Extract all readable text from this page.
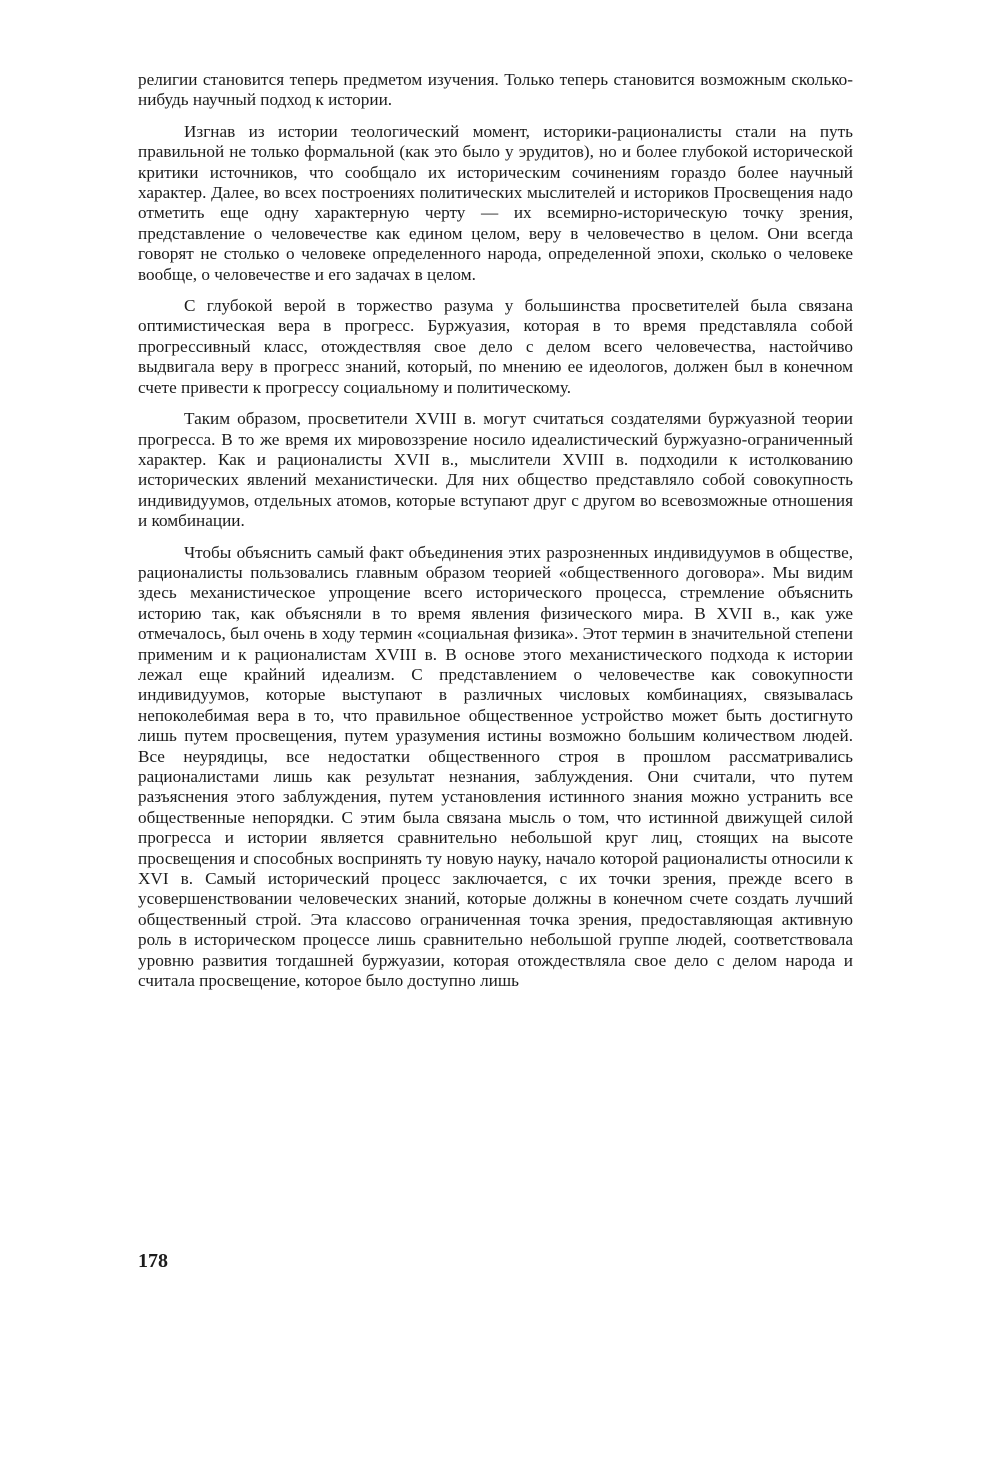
религии становится теперь предметом изучения. Только теперь становится возможным сколько-нибудь научный подход к истории.

Изгнав из истории теологический момент, историки-рационалисты стали на путь правильной не только формальной (как это было у эрудитов), но и более глубокой исторической критики источников, что сообщало их историческим сочинениям гораздо более научный характер. Далее, во всех построениях политических мыслителей и историков Просвещения надо отметить еще одну характерную черту — их всемирно-историческую точку зрения, представление о человечестве как едином целом, веру в человечество в целом. Они всегда говорят не столько о человеке определенного народа, определенной эпохи, сколько о человеке вообще, о человечестве и его задачах в целом.

С глубокой верой в торжество разума у большинства просветителей была связана оптимистическая вера в прогресс. Буржуазия, которая в то время представляла собой прогрессивный класс, отождествляя свое дело с делом всего человечества, настойчиво выдвигала веру в прогресс знаний, который, по мнению ее идеологов, должен был в конечном счете привести к прогрессу социальному и политическому.

Таким образом, просветители XVIII в. могут считаться создателями буржуазной теории прогресса. В то же время их мировоззрение носило идеалистический буржуазно-ограниченный характер. Как и рационалисты XVII в., мыслители XVIII в. подходили к истолкованию исторических явлений механистически. Для них общество представляло собой совокупность индивидуумов, отдельных атомов, которые вступают друг с другом во всевозможные отношения и комбинации.

Чтобы объяснить самый факт объединения этих разрозненных индивидуумов в обществе, рационалисты пользовались главным образом теорией «общественного договора». Мы видим здесь механистическое упрощение всего исторического процесса, стремление объяснить историю так, как объясняли в то время явления физического мира. В XVII в., как уже отмечалось, был очень в ходу термин «социальная физика». Этот термин в значительной степени применим и к рационалистам XVIII в. В основе этого механистического подхода к истории лежал еще крайний идеализм. С представлением о человечестве как совокупности индивидуумов, которые выступают в различных числовых комбинациях, связывалась непоколебимая вера в то, что правильное общественное устройство может быть достигнуто лишь путем просвещения, путем уразумения истины возможно большим количеством людей. Все неурядицы, все недостатки общественного строя в прошлом рассматривались рационалистами лишь как результат незнания, заблуждения. Они считали, что путем разъяснения этого заблуждения, путем установления истинного знания можно устранить все общественные непорядки. С этим была связана мысль о том, что истинной движущей силой прогресса и истории является сравнительно небольшой круг лиц, стоящих на высоте просвещения и способных воспринять ту новую науку, начало которой рационалисты относили к XVI в. Самый исторический процесс заключается, с их точки зрения, прежде всего в усовершенствовании человеческих знаний, которые должны в конечном счете создать лучший общественный строй. Эта классово ограниченная точка зрения, предоставляющая активную роль в историческом процессе лишь сравнительно небольшой группе людей, соответствовала уровню развития тогдашней буржуазии, которая отождествляла свое дело с делом народа и считала просвещение, которое было доступно лишь

178
